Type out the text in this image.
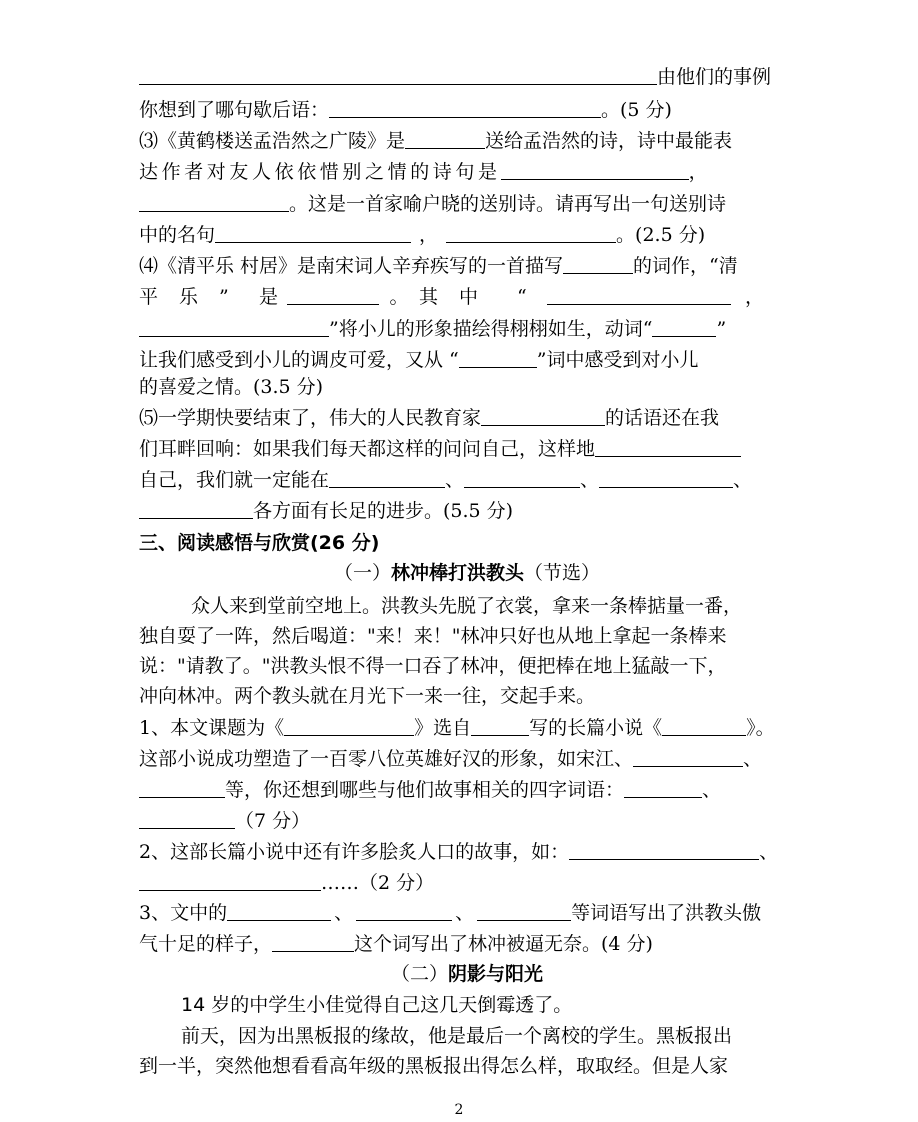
由他们的事例
你想到了哪句歇后语：	。(5 分)
⑶《黄鹤楼送孟浩然之广陵》是	送给孟浩然的诗，诗中最能表
达作者对友人依依惜别之情的诗句是	，
。这是一首家喻户晓的送别诗。请再写出一句送别诗
中的名句	，	。(2.5 分)
⑷《清平乐 村居》是南宋词人辛弃疾写的一首描写	的词作，“清
平 乐 ” 是	。 其 中 “	，
”将小儿的形象描绘得栩栩如生，动词“	”
让我们感受到小儿的调皮可爱，又从 “	”词中感受到对小儿
的喜爱之情。(3.5 分)
⑸一学期快要结束了，伟大的人民教育家	的话语还在我
们耳畔回响：如果我们每天都这样的问问自己，这样地
自己，我们就一定能在	、	、	、
各方面有长足的进步。(5.5 分)
三、阅读感悟与欣赏(26 分)
（一）林冲棒打洪教头（节选）
众人来到堂前空地上。洪教头先脱了衣裳，拿来一条棒掂量一番，
独自耍了一阵，然后喝道："来！来！"林冲只好也从地上拿起一条棒来
说："请教了。"洪教头恨不得一口吞了林冲，便把棒在地上猛敲一下，
冲向林冲。两个教头就在月光下一来一往，交起手来。
1、本文课题为《	》选自	写的长篇小说《	》。
这部小说成功塑造了一百零八位英雄好汉的形象，如宋江、	、
等，你还想到哪些与他们故事相关的四字词语：	、
（7 分）
2、这部长篇小说中还有许多脍炙人口的故事，如：	、
……（2 分）
3、文中的	、	、	等词语写出了洪教头傲
气十足的样子，	这个词写出了林冲被逼无奈。(4 分)
（二）阴影与阳光
14 岁的中学生小佳觉得自己这几天倒霉透了。
前天，因为出黑板报的缘故，他是最后一个离校的学生。黑板报出
到一半，突然他想看看高年级的黑板报出得怎么样，取取经。但是人家
2
